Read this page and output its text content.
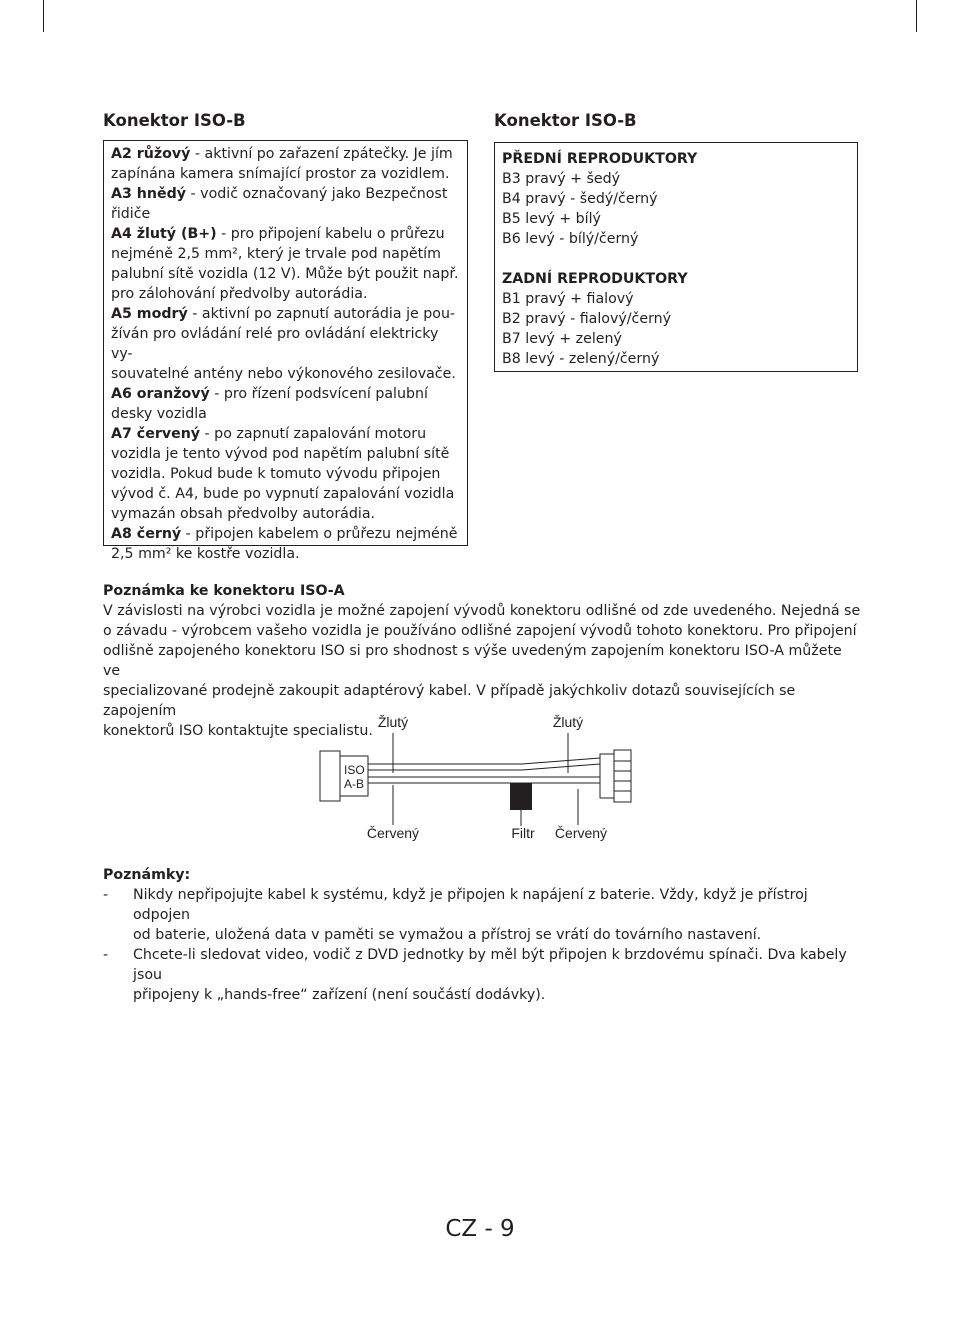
Konektor ISO-B

A2 růžový - aktivní po zařazení zpátečky. Je jím

zapínána kamera snímající prostor za vozidlem.

A3 hnědý - vodič označovaný jako Bezpečnost

řidiče

A4 žlutý (B+) - pro připojení kabelu o průřezu

nejméně 2,5 mm², který je trvale pod napětím

palubní sítě vozidla (12 V). Může být použit např.

pro zálohování předvolby autorádia.

A5 modrý - aktivní po zapnutí autorádia je pou-

žíván pro ovládání relé pro ovládání elektricky vy-

souvatelné antény nebo výkonového zesilovače.

A6 oranžový - pro řízení podsvícení palubní

desky vozidla

A7 červený - po zapnutí zapalování motoru

vozidla je tento vývod pod napětím palubní sítě

vozidla. Pokud bude k tomuto vývodu připojen

vývod č. A4, bude po vypnutí zapalování vozidla

vymazán obsah předvolby autorádia.

A8 černý - připojen kabelem o průřezu nejméně

2,5 mm² ke kostře vozidla.

Konektor ISO-B

PŘEDNÍ REPRODUKTORY

B3 pravý + šedý

B4 pravý - šedý/černý

B5 levý + bílý

B6 levý - bílý/černý

ZADNÍ REPRODUKTORY

B1 pravý + fialový

B2 pravý - fialový/černý

B7 levý + zelený

B8 levý - zelený/černý

Poznámka ke konektoru ISO-A

V závislosti na výrobci vozidla je možné zapojení vývodů konektoru odlišné od zde uvedeného. Nejedná se

o závadu - výrobcem vašeho vozidla je používáno odlišné zapojení vývodů tohoto konektoru. Pro připojení

odlišně zapojeného konektoru ISO si pro shodnost s výše uvedeným zapojením konektoru ISO-A můžete ve

specializované prodejně zakoupit adaptérový kabel. V případě jakýchkoliv dotazů souvisejících se zapojením

konektorů ISO kontaktujte specialistu.

Žlutý	Žlutý
ISO
A-B
Červený	Filtr Červený

Poznámky:

- Nikdy nepřipojujte kabel k systému, když je připojen k napájení z baterie. Vždy, když je přístroj odpojen

od baterie, uložená data v paměti se vymažou a přístroj se vrátí do továrního nastavení.

- Chcete-li sledovat video, vodič z DVD jednotky by měl být připojen k brzdovému spínači. Dva kabely jsou

připojeny k „hands-free“ zařízení (není součástí dodávky).

CZ - 9
